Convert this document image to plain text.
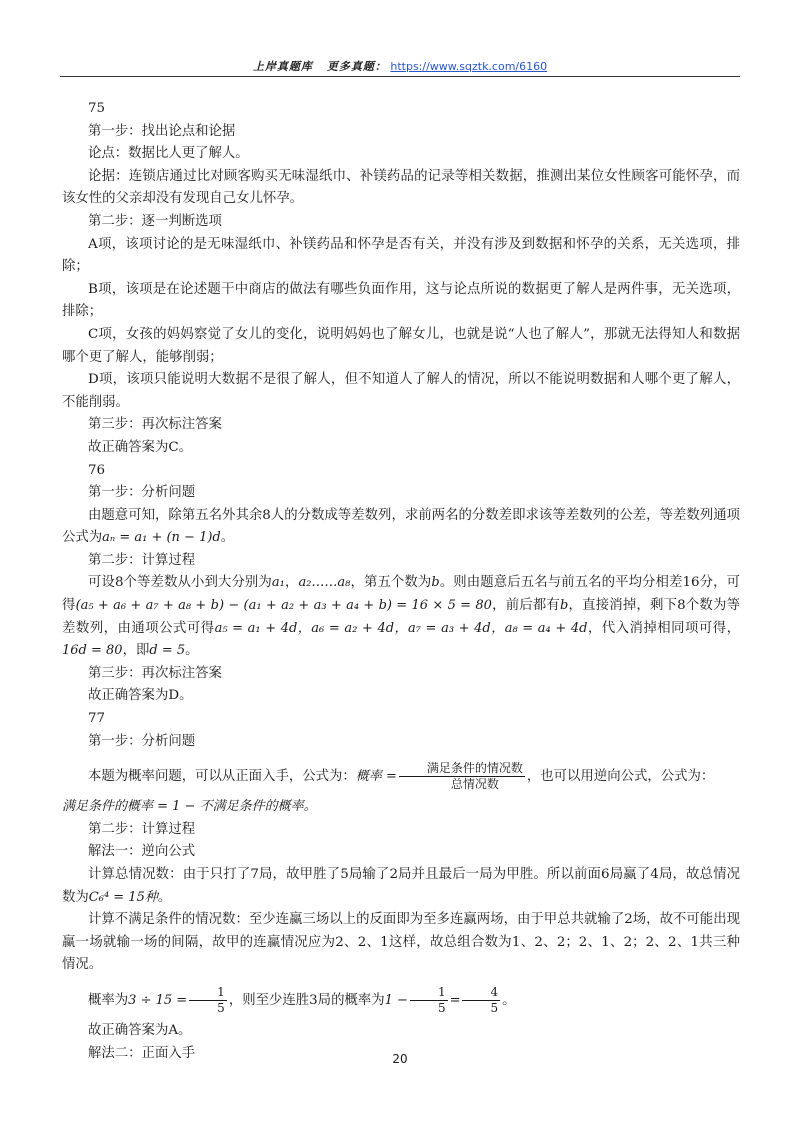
上岸真题库 更多真题： https://www.sqztk.com/6160

75

第一步：找出论点和论据

论点：数据比人更了解人。

论据：连锁店通过比对顾客购买无味湿纸巾、补镁药品的记录等相关数据，推测出某位女性顾客可能怀孕，而该女性的父亲却没有发现自己女儿怀孕。

第二步：逐一判断选项

A项，该项讨论的是无味湿纸巾、补镁药品和怀孕是否有关，并没有涉及到数据和怀孕的关系，无关选项，排除；

B项，该项是在论述题干中商店的做法有哪些负面作用，这与论点所说的数据更了解人是两件事，无关选项，排除；

C项，女孩的妈妈察觉了女儿的变化，说明妈妈也了解女儿，也就是说“人也了解人”，那就无法得知人和数据哪个更了解人，能够削弱；

D项，该项只能说明大数据不是很了解人，但不知道人了解人的情况，所以不能说明数据和人哪个更了解人，不能削弱。

第三步：再次标注答案

故正确答案为C。

76

第一步：分析问题

由题意可知，除第五名外其余8人的分数成等差数列，求前两名的分数差即求该等差数列的公差，等差数列通项公式为aₙ = a₁ + (n − 1)d。

第二步：计算过程

可设8个等差数从小到大分别为a₁，a₂……a₈，第五个数为b。则由题意后五名与前五名的平均分相差16分，可得(a₅ + a₆ + a₇ + a₈ + b) − (a₁ + a₂ + a₃ + a₄ + b) = 16 × 5 = 80，前后都有b，直接消掉，剩下8个数为等差数列，由通项公式可得a₅ = a₁ + 4d，a₆ = a₂ + 4d，a₇ = a₃ + 4d，a₈ = a₄ + 4d，代入消掉相同项可得，16d = 80，即d = 5。

第三步：再次标注答案

故正确答案为D。

77

第一步：分析问题

本题为概率问题，可以从正面入手，公式为：概率 = $\frac{\text{满足条件的情况数}}{\text{总情况数}}$ ，也可以用逆向公式，公式为：

满足条件的概率 = 1 − 不满足条件的概率。

第二步：计算过程

解法一：逆向公式

计算总情况数：由于只打了7局，故甲胜了5局输了2局并且最后一局为甲胜。所以前面6局赢了4局，故总情况数为C₆⁴ = 15种。

计算不满足条件的情况数：至少连赢三场以上的反面即为至多连赢两场，由于甲总共就输了2场，故不可能出现赢一场就输一场的间隔，故甲的连赢情况应为2、2、1这样，故总组合数为1、2、2；2、1、2；2、2、1共三种情况。

概率为$3 \div 15 = \frac{1}{5}$ ，则至少连胜3局的概率为$1 - \frac{1}{5} = \frac{4}{5}$ 。

故正确答案为A。

解法二：正面入手	20
